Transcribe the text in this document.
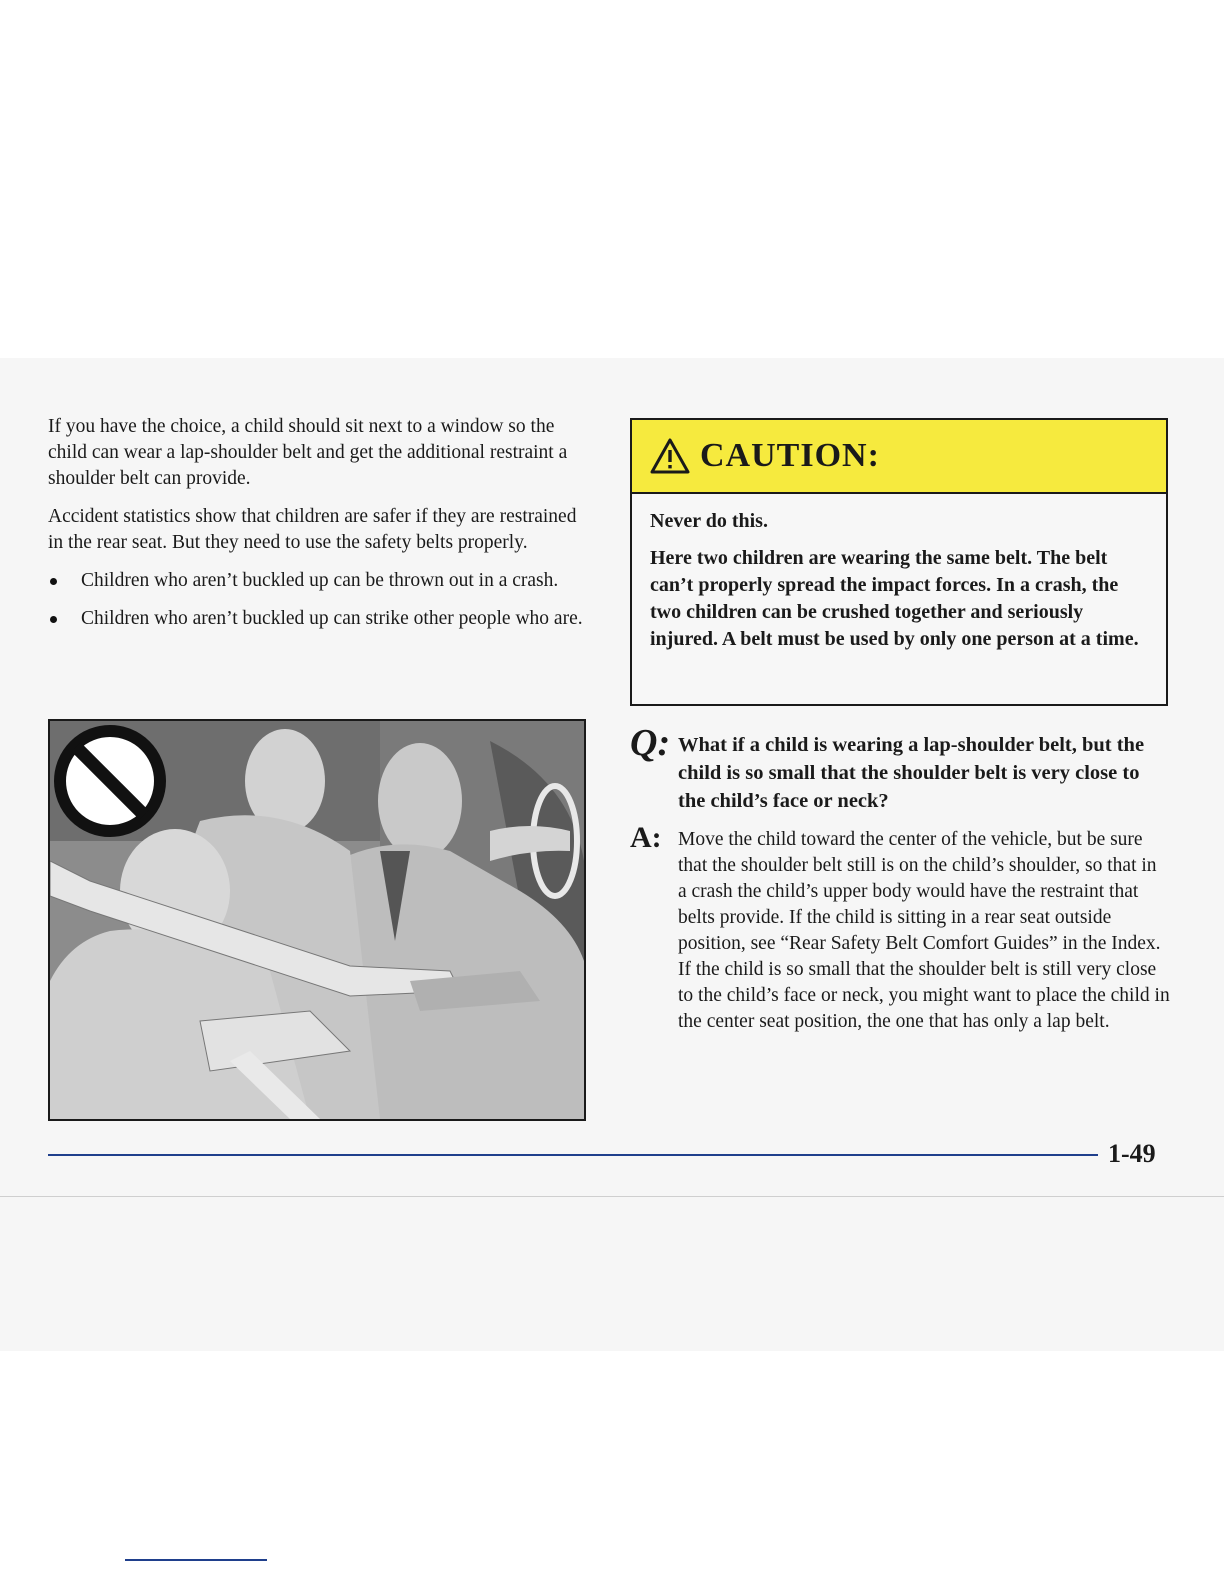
If you have the choice, a child should sit next to a window so the child can wear a lap-shoulder belt and get the additional restraint a shoulder belt can provide.

Accident statistics show that children are safer if they are restrained in the rear seat. But they need to use the safety belts properly.

Children who aren’t buckled up can be thrown out in a crash.
Children who aren’t buckled up can strike other people who are.
CAUTION:

Never do this.

Here two children are wearing the same belt. The belt can’t properly spread the impact forces. In a crash, the two children can be crushed together and seriously injured. A belt must be used by only one person at a time.

Q: What if a child is wearing a lap-shoulder belt, but the child is so small that the shoulder belt is very close to the child’s face or neck?

A: Move the child toward the center of the vehicle, but be sure that the shoulder belt still is on the child’s shoulder, so that in a crash the child’s upper body would have the restraint that belts provide. If the child is sitting in a rear seat outside position, see “Rear Safety Belt Comfort Guides” in the Index. If the child is so small that the shoulder belt is still very close to the child’s face or neck, you might want to place the child in the center seat position, the one that has only a lap belt.

1-49
